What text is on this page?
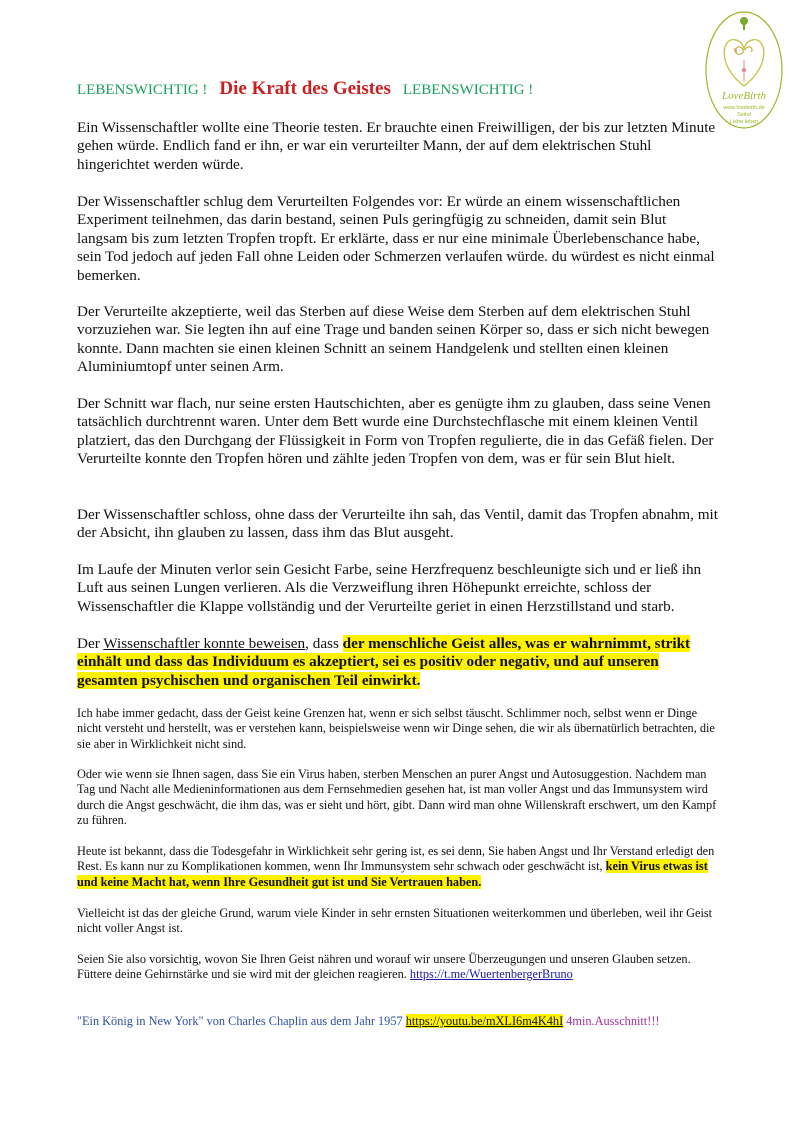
LoveBirth
www.lovebirth.de
Seitol
Liebe leben
LEBENSWICHTIG ! Die Kraft des Geistes LEBENSWICHTIG !

Ein Wissenschaftler wollte eine Theorie testen. Er brauchte einen Freiwilligen, der bis zur letzten Minute gehen würde. Endlich fand er ihn, er war ein verurteilter Mann, der auf dem elektrischen Stuhl hingerichtet werden würde.

Der Wissenschaftler schlug dem Verurteilten Folgendes vor: Er würde an einem wissenschaftlichen Experiment teilnehmen, das darin bestand, seinen Puls geringfügig zu schneiden, damit sein Blut langsam bis zum letzten Tropfen tropft. Er erklärte, dass er nur eine minimale Überlebenschance habe, sein Tod jedoch auf jeden Fall ohne Leiden oder Schmerzen verlaufen würde. du würdest es nicht einmal bemerken.

Der Verurteilte akzeptierte, weil das Sterben auf diese Weise dem Sterben auf dem elektrischen Stuhl vorzuziehen war. Sie legten ihn auf eine Trage und banden seinen Körper so, dass er sich nicht bewegen konnte. Dann machten sie einen kleinen Schnitt an seinem Handgelenk und stellten einen kleinen Aluminiumtopf unter seinen Arm.

Der Schnitt war flach, nur seine ersten Hautschichten, aber es genügte ihm zu glauben, dass seine Venen tatsächlich durchtrennt waren. Unter dem Bett wurde eine Durchstechflasche mit einem kleinen Ventil platziert, das den Durchgang der Flüssigkeit in Form von Tropfen regulierte, die in das Gefäß fielen. Der Verurteilte konnte den Tropfen hören und zählte jeden Tropfen von dem, was er für sein Blut hielt.

Der Wissenschaftler schloss, ohne dass der Verurteilte ihn sah, das Ventil, damit das Tropfen abnahm, mit der Absicht, ihn glauben zu lassen, dass ihm das Blut ausgeht.

Im Laufe der Minuten verlor sein Gesicht Farbe, seine Herzfrequenz beschleunigte sich und er ließ ihn Luft aus seinen Lungen verlieren. Als die Verzweiflung ihren Höhepunkt erreichte, schloss der Wissenschaftler die Klappe vollständig und der Verurteilte geriet in einen Herzstillstand und starb.

Der Wissenschaftler konnte beweisen, dass der menschliche Geist alles, was er wahrnimmt, strikt einhält und dass das Individuum es akzeptiert, sei es positiv oder negativ, und auf unseren gesamten psychischen und organischen Teil einwirkt.

Ich habe immer gedacht, dass der Geist keine Grenzen hat, wenn er sich selbst täuscht. Schlimmer noch, selbst wenn er Dinge nicht versteht und herstellt, was er verstehen kann, beispielsweise wenn wir Dinge sehen, die wir als übernatürlich betrachten, die sie aber in Wirklichkeit nicht sind.

Oder wie wenn sie Ihnen sagen, dass Sie ein Virus haben, sterben Menschen an purer Angst und Autosuggestion. Nachdem man Tag und Nacht alle Medieninformationen aus dem Fernsehmedien gesehen hat, ist man voller Angst und das Immunsystem wird durch die Angst geschwächt, die ihm das, was er sieht und hört, gibt. Dann wird man ohne Willenskraft erschwert, um den Kampf zu führen.

Heute ist bekannt, dass die Todesgefahr in Wirklichkeit sehr gering ist, es sei denn, Sie haben Angst und Ihr Verstand erledigt den Rest. Es kann nur zu Komplikationen kommen, wenn Ihr Immunsystem sehr schwach oder geschwächt ist, kein Virus etwas ist und keine Macht hat, wenn Ihre Gesundheit gut ist und Sie Vertrauen haben.

Vielleicht ist das der gleiche Grund, warum viele Kinder in sehr ernsten Situationen weiterkommen und überleben, weil ihr Geist nicht voller Angst ist.

Seien Sie also vorsichtig, wovon Sie Ihren Geist nähren und worauf wir unsere Überzeugungen und unseren Glauben setzen. Füttere deine Gehirnstärke und sie wird mit der gleichen reagieren. https://t.me/WuertenbergerBruno

"Ein König in New York" von Charles Chaplin aus dem Jahr 1957 https://youtu.be/mXLI6m4K4hI 4min.Ausschnitt!!!
